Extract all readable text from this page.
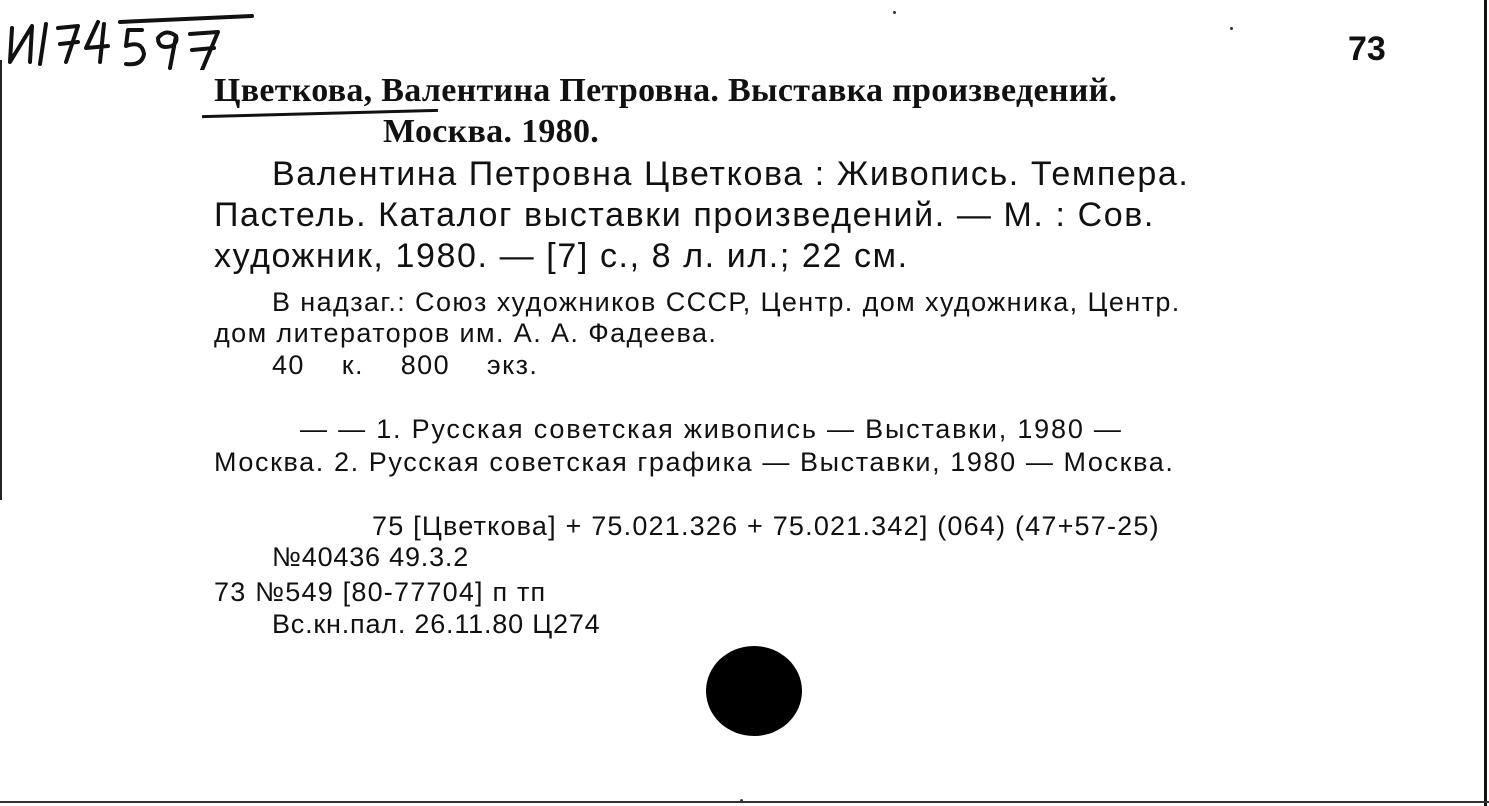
73
Цветкова, Валентина Петровна. Выставка произведений.
Москва. 1980.
Валентина Петровна Цветкова : Живопись. Темпера.
Пастель. Каталог выставки произведений. — М. : Сов.
художник, 1980. — [7] с., 8 л. ил.; 22 см.
В надзаг.: Союз художников СССР, Центр. дом художника, Центр.
дом литераторов им. А. А. Фадеева.
40 к. 800 экз.
— — 1. Русская советская живопись — Выставки, 1980 —
Москва. 2. Русская советская графика — Выставки, 1980 — Москва.
75 [Цветкова] + 75.021.326 + 75.021.342] (064) (47+57-25)
№40436 49.3.2
73 №549 [80-77704] п тп
Вс.кн.пал. 26.11.80 Ц274
